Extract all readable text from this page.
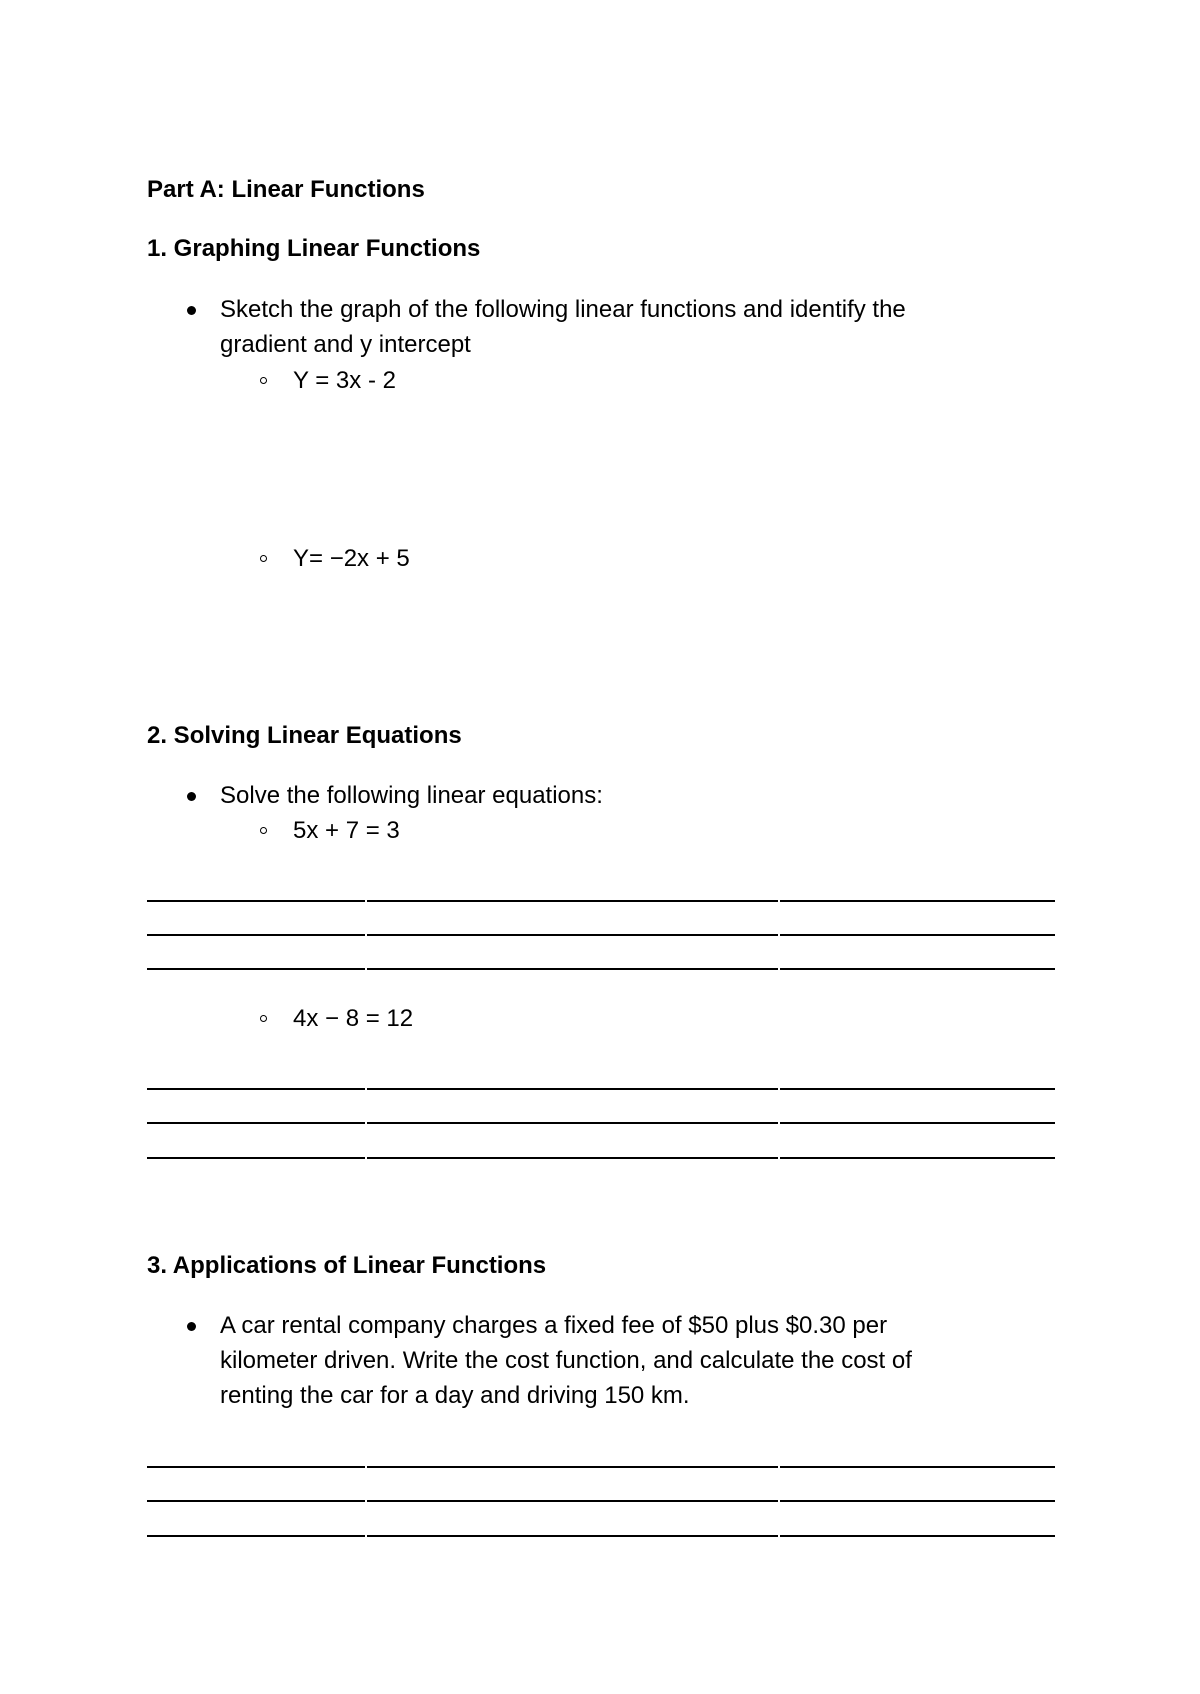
Part A: Linear Functions
1. Graphing Linear Functions
Sketch the graph of the following linear functions and identify the
gradient and y intercept
Y = 3x - 2
Y= −2x + 5
2. Solving Linear Equations
Solve the following linear equations:
5x + 7 = 3
4x − 8 = 12
3. Applications of Linear Functions
A car rental company charges a fixed fee of $50 plus $0.30 per
kilometer driven. Write the cost function, and calculate the cost of
renting the car for a day and driving 150 km.
